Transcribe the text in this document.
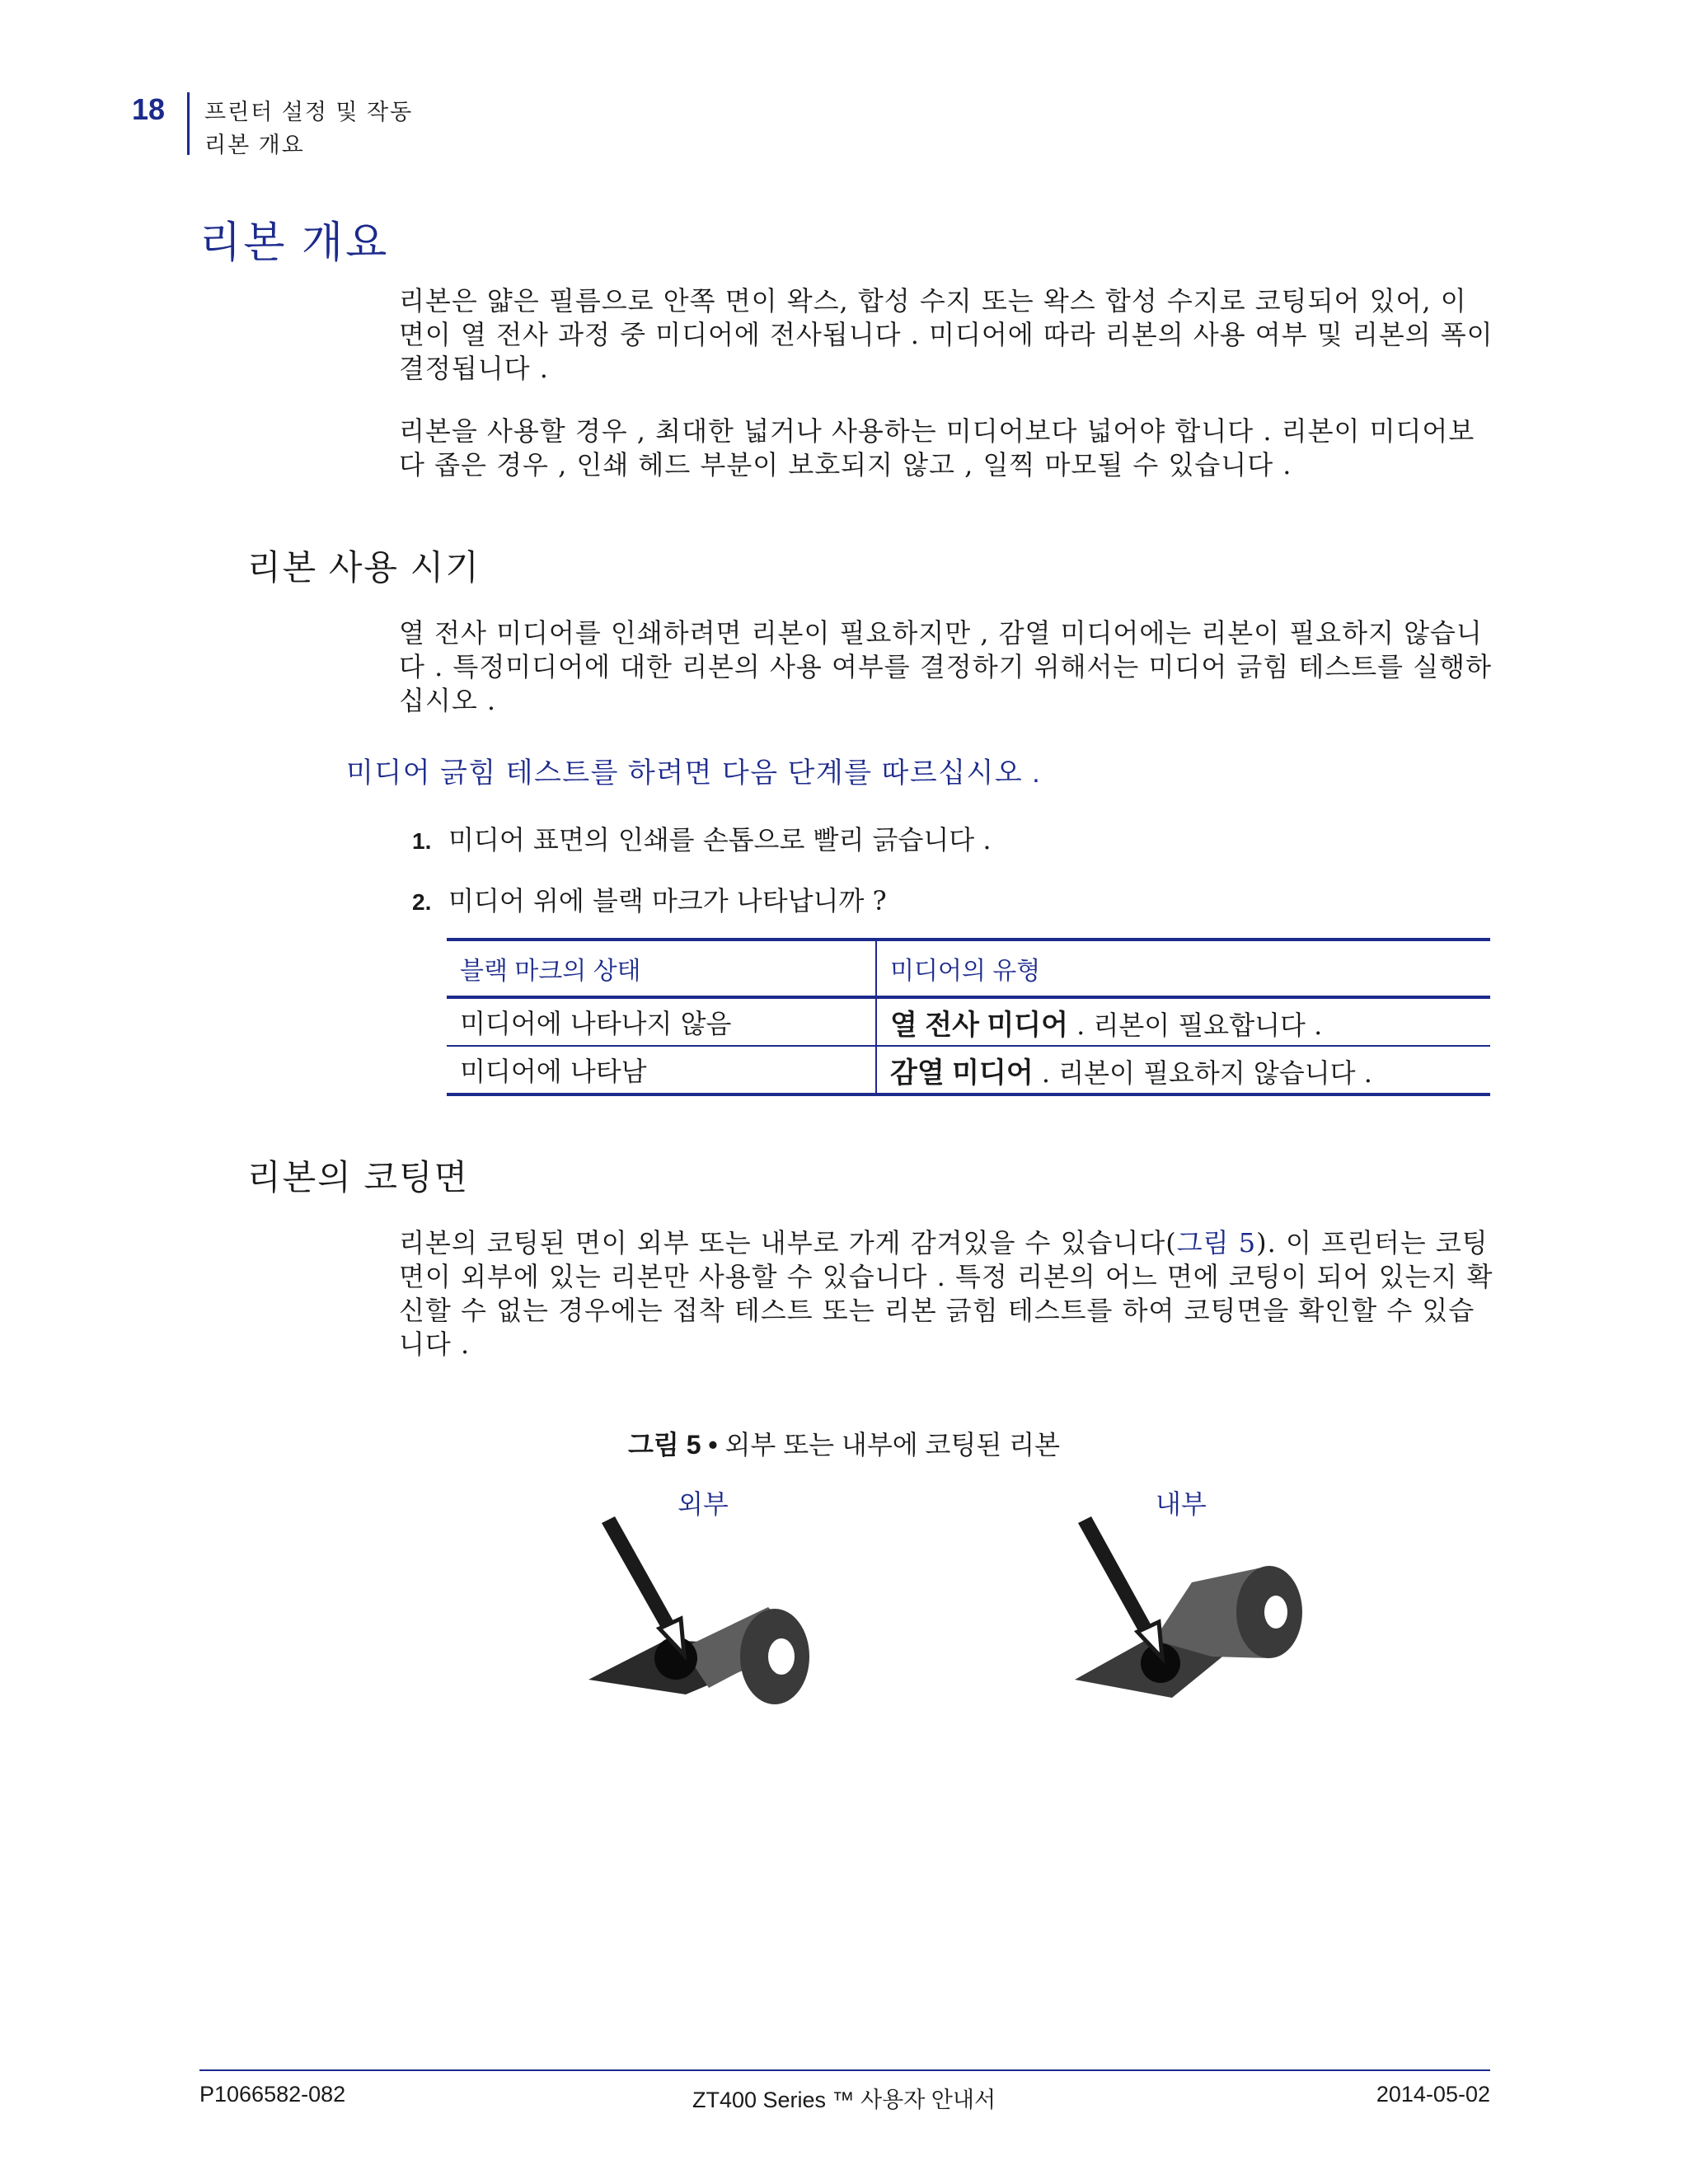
18 프린터 설정 및 작동
리본 개요
리본 개요

리본은 얇은 필름으로 안쪽 면이 왁스, 합성 수지 또는 왁스 합성 수지로 코팅되어 있어, 이 면이 열 전사 과정 중 미디어에 전사됩니다 . 미디어에 따라 리본의 사용 여부 및 리본의 폭이 결정됩니다 .

리본을 사용할 경우 , 최대한 넓거나 사용하는 미디어보다 넓어야 합니다 . 리본이 미디어보다 좁은 경우 , 인쇄 헤드 부분이 보호되지 않고 , 일찍 마모될 수 있습니다 .

리본 사용 시기

열 전사 미디어를 인쇄하려면 리본이 필요하지만 , 감열 미디어에는 리본이 필요하지 않습니다 . 특정미디어에 대한 리본의 사용 여부를 결정하기 위해서는 미디어 긁힘 테스트를 실행하십시오 .

미디어 긁힘 테스트를 하려면 다음 단계를 따르십시오 .
1. 미디어 표면의 인쇄를 손톱으로 빨리 긁습니다 .
2. 미디어 위에 블랙 마크가 나타납니까 ?
블랙 마크의 상태	미디어의 유형
미디어에 나타나지 않음	열 전사 미디어 . 리본이 필요합니다 .
미디어에 나타남	감열 미디어 . 리본이 필요하지 않습니다 .
리본의 코팅면

리본의 코팅된 면이 외부 또는 내부로 가게 감겨있을 수 있습니다(그림 5). 이 프린터는 코팅 면이 외부에 있는 리본만 사용할 수 있습니다 . 특정 리본의 어느 면에 코팅이 되어 있는지 확신할 수 없는 경우에는 접착 테스트 또는 리본 긁힘 테스트를 하여 코팅면을 확인할 수 있습니다 .

그림 5 • 외부 또는 내부에 코팅된 리본
외부	내부
P1066582-082	ZT400 Series ™ 사용자 안내서	2014-05-02
